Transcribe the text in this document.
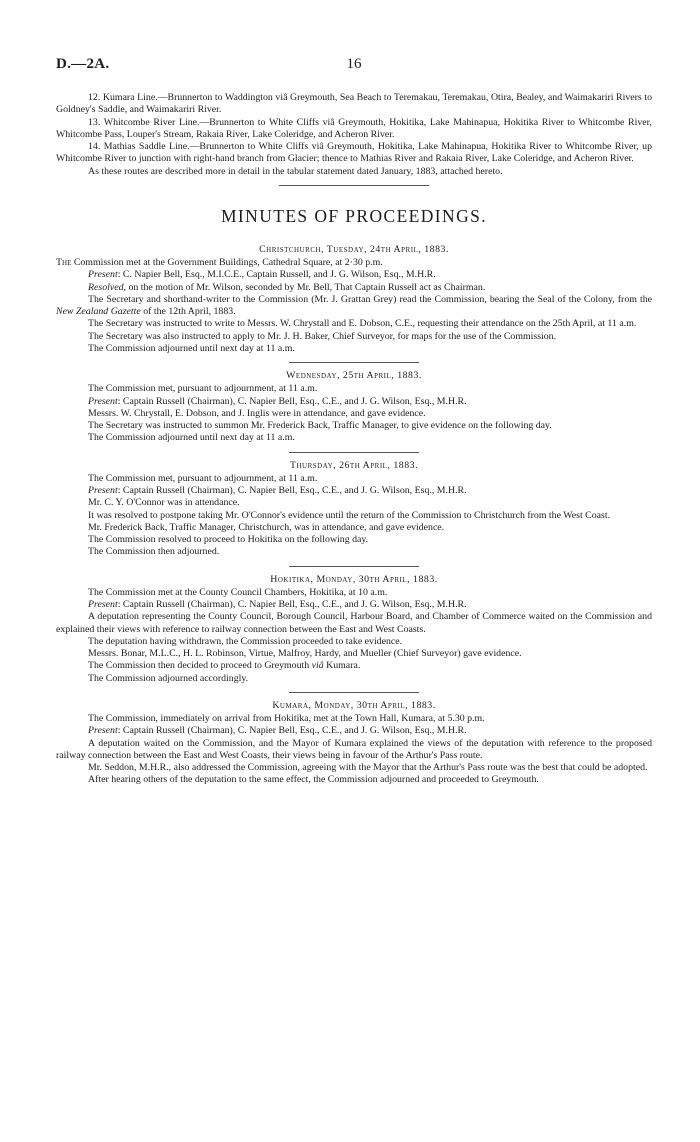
D.—2A.	16

12. Kumara Line.—Brunnerton to Waddington viâ Greymouth, Sea Beach to Teremakau, Teremakau, Otira, Bealey, and Waimakariri Rivers to Goldney's Saddle, and Waimakariri River.

13. Whitcombe River Line.—Brunnerton to White Cliffs viâ Greymouth, Hokitika, Lake Mahinapua, Hokitika River to Whitcombe River, Whitcombe Pass, Louper's Stream, Rakaia River, Lake Coleridge, and Acheron River.

14. Mathias Saddle Line.—Brunnerton to White Cliffs viâ Greymouth, Hokitika, Lake Mahinapua, Hokitika River to Whitcombe River, up Whitcombe River to junction with right-hand branch from Glacier; thence to Mathias River and Rakaia River, Lake Coleridge, and Acheron River.

As these routes are described more in detail in the tabular statement dated January, 1883, attached hereto.

MINUTES OF PROCEEDINGS.

Christchurch, Tuesday, 24th April, 1883.

The Commission met at the Government Buildings, Cathedral Square, at 2·30 p.m.

Present: C. Napier Bell, Esq., M.I.C.E., Captain Russell, and J. G. Wilson, Esq., M.H.R.

Resolved, on the motion of Mr. Wilson, seconded by Mr. Bell, That Captain Russell act as Chairman.

The Secretary and shorthand-writer to the Commission (Mr. J. Grattan Grey) read the Commission, bearing the Seal of the Colony, from the New Zealand Gazette of the 12th April, 1883.

The Secretary was instructed to write to Messrs. W. Chrystall and E. Dobson, C.E., requesting their attendance on the 25th April, at 11 a.m.

The Secretary was also instructed to apply to Mr. J. H. Baker, Chief Surveyor, for maps for the use of the Commission.

The Commission adjourned until next day at 11 a.m.

Wednesday, 25th April, 1883.

The Commission met, pursuant to adjournment, at 11 a.m.

Present: Captain Russell (Chairman), C. Napier Bell, Esq., C.E., and J. G. Wilson, Esq., M.H.R.

Messrs. W. Chrystall, E. Dobson, and J. Inglis were in attendance, and gave evidence.

The Secretary was instructed to summon Mr. Frederick Back, Traffic Manager, to give evidence on the following day.

The Commission adjourned until next day at 11 a.m.

Thursday, 26th April, 1883.

The Commission met, pursuant to adjournment, at 11 a.m.

Present: Captain Russell (Chairman), C. Napier Bell, Esq., C.E., and J. G. Wilson, Esq., M.H.R.

Mr. C. Y. O'Connor was in attendance.

It was resolved to postpone taking Mr. O'Connor's evidence until the return of the Commission to Christchurch from the West Coast.

Mr. Frederick Back, Traffic Manager, Christchurch, was in attendance, and gave evidence.

The Commission resolved to proceed to Hokitika on the following day.

The Commission then adjourned.

Hokitika, Monday, 30th April, 1883.

The Commission met at the County Council Chambers, Hokitika, at 10 a.m.

Present: Captain Russell (Chairman), C. Napier Bell, Esq., C.E., and J. G. Wilson, Esq., M.H.R.

A deputation representing the County Council, Borough Council, Harbour Board, and Chamber of Commerce waited on the Commission and explained their views with reference to railway connection between the East and West Coasts.

The deputation having withdrawn, the Commission proceeded to take evidence.

Messrs. Bonar, M.L.C., H. L. Robinson, Virtue, Malfroy, Hardy, and Mueller (Chief Surveyor) gave evidence.

The Commission then decided to proceed to Greymouth viâ Kumara.

The Commission adjourned accordingly.

Kumara, Monday, 30th April, 1883.

The Commission, immediately on arrival from Hokitika, met at the Town Hall, Kumara, at 5.30 p.m.

Present: Captain Russell (Chairman), C. Napier Bell, Esq., C.E., and J. G. Wilson, Esq., M.H.R.

A deputation waited on the Commission, and the Mayor of Kumara explained the views of the deputation with reference to the proposed railway connection between the East and West Coasts, their views being in favour of the Arthur's Pass route.

Mr. Seddon, M.H.R., also addressed the Commission, agreeing with the Mayor that the Arthur's Pass route was the best that could be adopted.

After hearing others of the deputation to the same effect, the Commission adjourned and proceeded to Greymouth.
